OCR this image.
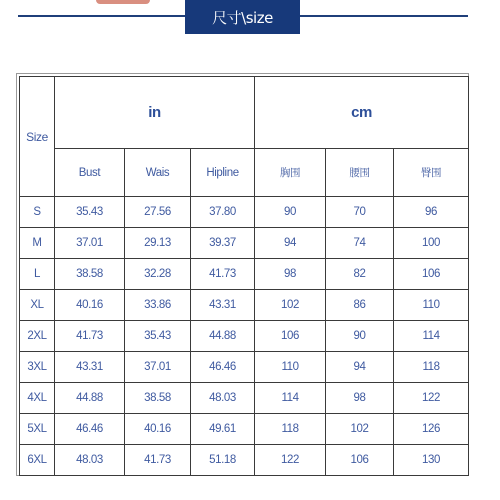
尺寸\size
Size	in			cm		
	Bust	Wais	Hipline	胸围	腰围	臀围
S	35.43	27.56	37.80	90	70	96
M	37.01	29.13	39.37	94	74	100
L	38.58	32.28	41.73	98	82	106
XL	40.16	33.86	43.31	102	86	110
2XL	41.73	35.43	44.88	106	90	114
3XL	43.31	37.01	46.46	110	94	118
4XL	44.88	38.58	48.03	114	98	122
5XL	46.46	40.16	49.61	118	102	126
6XL	48.03	41.73	51.18	122	106	130
